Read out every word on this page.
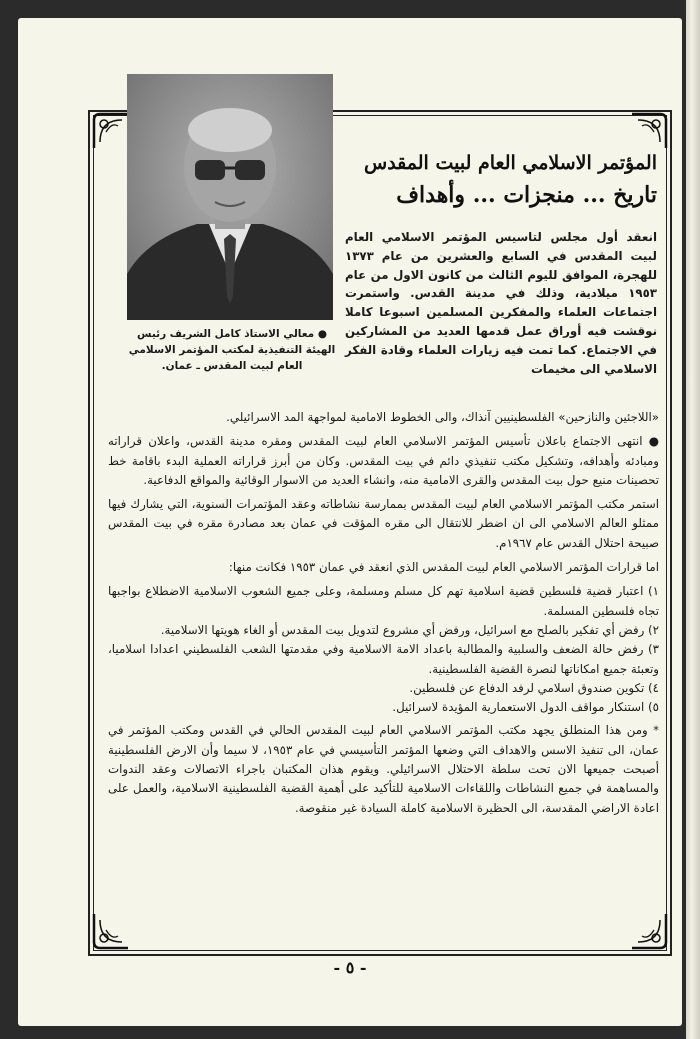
● معالي الاستاذ كامل الشريف رئيس
الهيئة التنفيذية لمكتب المؤتمر الاسلامي
العام لبيت المقدس ـ عمان.
المؤتمر الاسلامي العام لبيت المقدس
تاريخ ... منجزات ... وأهداف
انعقد أول مجلس لتاسيس المؤتمر الاسلامي العام لبيت المقدس في السابع والعشرين من عام ١٣٧٣ للهجرة، الموافق لليوم الثالث من كانون الاول من عام ١٩٥٣ ميلادية، وذلك في مدينة القدس. واستمرت اجتماعات العلماء والمفكرين المسلمين اسبوعا كاملا نوقشت فيه أوراق عمل قدمها العديد من المشاركين في الاجتماع. كما تمت فيه زيارات العلماء وقادة الفكر الاسلامي الى مخيمات

«اللاجئين والنازحين» الفلسطينيين آنذاك، والى الخطوط الامامية لمواجهة المد الاسرائيلي.

● انتهى الاجتماع باعلان تأسيس المؤتمر الاسلامي العام لبيت المقدس ومقره مدينة القدس، واعلان قراراته ومبادئه وأهدافه، وتشكيل مكتب تنفيذي دائم في بيت المقدس. وكان من أبرز قراراته العملية البدء باقامة خط تحصينات منيع حول بيت المقدس والقرى الامامية منه، وانشاء العديد من الاسوار الوقائية والمواقع الدفاعية.

استمر مكتب المؤتمر الاسلامي العام لبيت المقدس بممارسة نشاطاته وعقد المؤتمرات السنوية، التي يشارك فيها ممثلو العالم الاسلامي الى ان اضطر للانتقال الى مقره المؤقت في عمان بعد مصادرة مقره في بيت المقدس صبيحة احتلال القدس عام ١٩٦٧م.

اما قرارات المؤتمر الاسلامي العام لبيت المقدس الذي انعقد في عمان ١٩٥٣ فكانت منها:

١) اعتبار قضية فلسطين قضية اسلامية تهم كل مسلم ومسلمة، وعلى جميع الشعوب الاسلامية الاضطلاع بواجبها تجاه فلسطين المسلمة.
٢) رفض أي تفكير بالصلح مع اسرائيل، ورفض أي مشروع لتدويل بيت المقدس أو الغاء هويتها الاسلامية.
٣) رفض حالة الضعف والسلبية والمطالبة باعداد الامة الاسلامية وفي مقدمتها الشعب الفلسطيني اعدادا اسلاميا، وتعبئة جميع امكاناتها لنصرة القضية الفلسطينية.
٤) تكوين صندوق اسلامي لرفد الدفاع عن فلسطين.
٥) استنكار مواقف الدول الاستعمارية المؤيدة لاسرائيل.

* ومن هذا المنطلق يجهد مكتب المؤتمر الاسلامي العام لبيت المقدس الحالي في القدس ومكتب المؤتمر في عمان، الى تنفيذ الاسس والاهداف التي وضعها المؤتمر التأسيسي في عام ١٩٥٣، لا سيما وأن الارض الفلسطينية أصبحت جميعها الان تحت سلطة الاحتلال الاسرائيلي. ويقوم هذان المكتبان باجراء الاتصالات وعقد الندوات والمساهمة في جميع النشاطات واللقاءات الاسلامية للتأكيد على أهمية القضية الفلسطينية الاسلامية، والعمل على اعادة الاراضي المقدسة، الى الحظيرة الاسلامية كاملة السيادة غير منقوصة.

- ٥ -
